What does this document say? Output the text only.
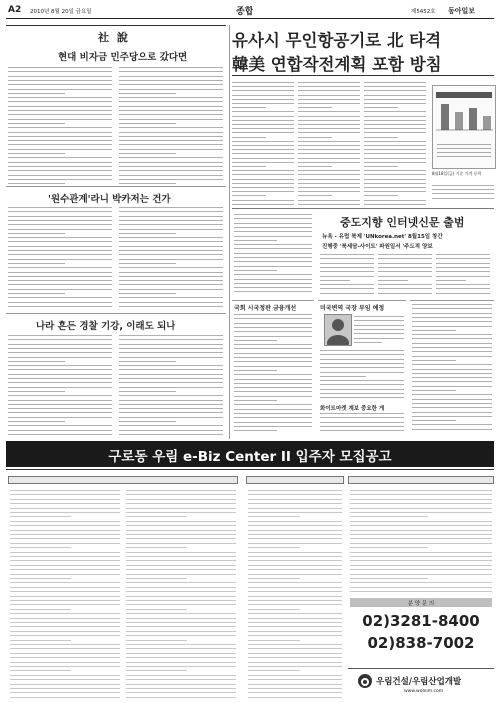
A2 2010년 8월 20일 금요일	종합	제5452호 동아일보
社 說
현대 비자금 민주당으로 갔다면
'원수관계'라니 박카저는 건가
나라 흔든 경찰 기강, 이래도 되나
유사시 무인항공기로 北 타격
韓美 연합작전계획 포함 방침
8월18일(금) 기준 가격 등락
중도지향 인터넷신문 출범
뉴욕 - 유럽 북제 'UNkorea.net' 8월15일 창간
진행중 '북세담-사이트' 파원일서 '주도적 양보
국회 시국정판 금융개선	미국변역 국장 부임 예정
화이트마켓 계보 중요한 게
구로동 우림 e-Biz Center II 입주자 모집공고
분 양 문 의
02)3281-8400
02)838-7002
우림건설/우림산업개발
www.woolim.com
